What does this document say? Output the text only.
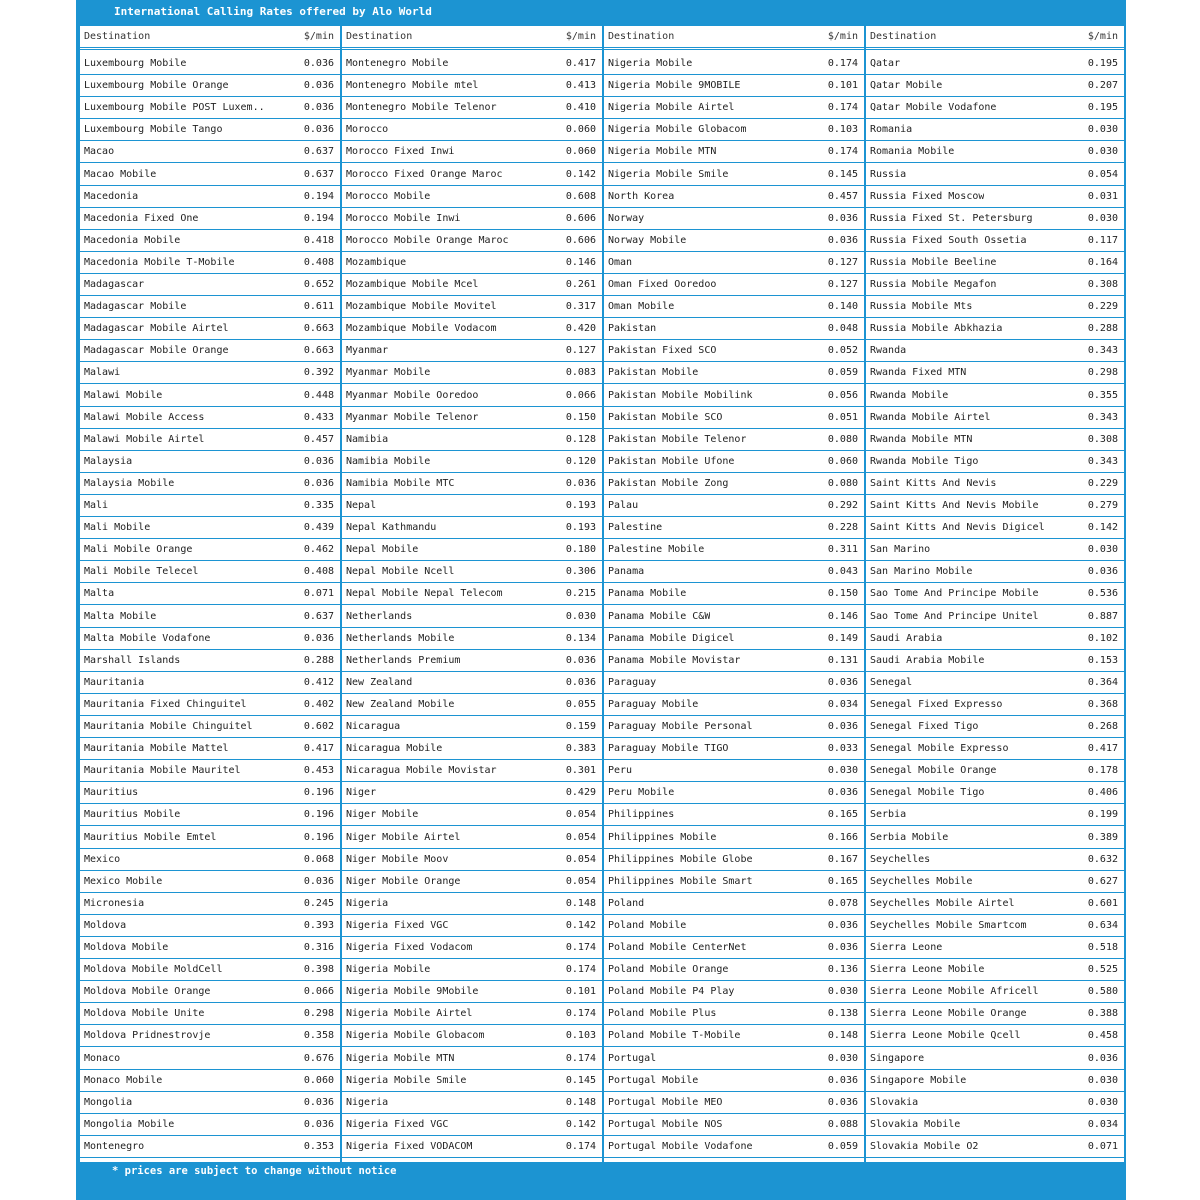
International Calling Rates offered by Alo World
Destination	$/min
Luxembourg Mobile	0.036
Luxembourg Mobile Orange	0.036
Luxembourg Mobile POST Luxem..	0.036
Luxembourg Mobile Tango	0.036
Macao	0.637
Macao Mobile	0.637
Macedonia	0.194
Macedonia Fixed One	0.194
Macedonia Mobile	0.418
Macedonia Mobile T-Mobile	0.408
Madagascar	0.652
Madagascar Mobile	0.611
Madagascar Mobile Airtel	0.663
Madagascar Mobile Orange	0.663
Malawi	0.392
Malawi Mobile	0.448
Malawi Mobile Access	0.433
Malawi Mobile Airtel	0.457
Malaysia	0.036
Malaysia Mobile	0.036
Mali	0.335
Mali Mobile	0.439
Mali Mobile Orange	0.462
Mali Mobile Telecel	0.408
Malta	0.071
Malta Mobile	0.637
Malta Mobile Vodafone	0.036
Marshall Islands	0.288
Mauritania	0.412
Mauritania Fixed Chinguitel	0.402
Mauritania Mobile Chinguitel	0.602
Mauritania Mobile Mattel	0.417
Mauritania Mobile Mauritel	0.453
Mauritius	0.196
Mauritius Mobile	0.196
Mauritius Mobile Emtel	0.196
Mexico	0.068
Mexico Mobile	0.036
Micronesia	0.245
Moldova	0.393
Moldova Mobile	0.316
Moldova Mobile MoldCell	0.398
Moldova Mobile Orange	0.066
Moldova Mobile Unite	0.298
Moldova Pridnestrovje	0.358
Monaco	0.676
Monaco Mobile	0.060
Mongolia	0.036
Mongolia Mobile	0.036
Montenegro	0.353
Destination	$/min
Montenegro Mobile	0.417
Montenegro Mobile mtel	0.413
Montenegro Mobile Telenor	0.410
Morocco	0.060
Morocco Fixed Inwi	0.060
Morocco Fixed Orange Maroc	0.142
Morocco Mobile	0.608
Morocco Mobile Inwi	0.606
Morocco Mobile Orange Maroc	0.606
Mozambique	0.146
Mozambique Mobile Mcel	0.261
Mozambique Mobile Movitel	0.317
Mozambique Mobile Vodacom	0.420
Myanmar	0.127
Myanmar Mobile	0.083
Myanmar Mobile Ooredoo	0.066
Myanmar Mobile Telenor	0.150
Namibia	0.128
Namibia Mobile	0.120
Namibia Mobile MTC	0.036
Nepal	0.193
Nepal Kathmandu	0.193
Nepal Mobile	0.180
Nepal Mobile Ncell	0.306
Nepal Mobile Nepal Telecom	0.215
Netherlands	0.030
Netherlands Mobile	0.134
Netherlands Premium	0.036
New Zealand	0.036
New Zealand Mobile	0.055
Nicaragua	0.159
Nicaragua Mobile	0.383
Nicaragua Mobile Movistar	0.301
Niger	0.429
Niger Mobile	0.054
Niger Mobile Airtel	0.054
Niger Mobile Moov	0.054
Niger Mobile Orange	0.054
Nigeria	0.148
Nigeria Fixed VGC	0.142
Nigeria Fixed Vodacom	0.174
Nigeria Mobile	0.174
Nigeria Mobile 9Mobile	0.101
Nigeria Mobile Airtel	0.174
Nigeria Mobile Globacom	0.103
Nigeria Mobile MTN	0.174
Nigeria Mobile Smile	0.145
Nigeria	0.148
Nigeria Fixed VGC	0.142
Nigeria Fixed VODACOM	0.174
Destination	$/min
Nigeria Mobile	0.174
Nigeria Mobile 9MOBILE	0.101
Nigeria Mobile Airtel	0.174
Nigeria Mobile Globacom	0.103
Nigeria Mobile MTN	0.174
Nigeria Mobile Smile	0.145
North Korea	0.457
Norway	0.036
Norway Mobile	0.036
Oman	0.127
Oman Fixed Ooredoo	0.127
Oman Mobile	0.140
Pakistan	0.048
Pakistan Fixed SCO	0.052
Pakistan Mobile	0.059
Pakistan Mobile Mobilink	0.056
Pakistan Mobile SCO	0.051
Pakistan Mobile Telenor	0.080
Pakistan Mobile Ufone	0.060
Pakistan Mobile Zong	0.080
Palau	0.292
Palestine	0.228
Palestine Mobile	0.311
Panama	0.043
Panama Mobile	0.150
Panama Mobile C&W	0.146
Panama Mobile Digicel	0.149
Panama Mobile Movistar	0.131
Paraguay	0.036
Paraguay Mobile	0.034
Paraguay Mobile Personal	0.036
Paraguay Mobile TIGO	0.033
Peru	0.030
Peru Mobile	0.036
Philippines	0.165
Philippines Mobile	0.166
Philippines Mobile Globe	0.167
Philippines Mobile Smart	0.165
Poland	0.078
Poland Mobile	0.036
Poland Mobile CenterNet	0.036
Poland Mobile Orange	0.136
Poland Mobile P4 Play	0.030
Poland Mobile Plus	0.138
Poland Mobile T-Mobile	0.148
Portugal	0.030
Portugal Mobile	0.036
Portugal Mobile MEO	0.036
Portugal Mobile NOS	0.088
Portugal Mobile Vodafone	0.059
Destination	$/min
Qatar	0.195
Qatar Mobile	0.207
Qatar Mobile Vodafone	0.195
Romania	0.030
Romania Mobile	0.030
Russia	0.054
Russia Fixed Moscow	0.031
Russia Fixed St. Petersburg	0.030
Russia Fixed South Ossetia	0.117
Russia Mobile Beeline	0.164
Russia Mobile Megafon	0.308
Russia Mobile Mts	0.229
Russia Mobile Abkhazia	0.288
Rwanda	0.343
Rwanda Fixed MTN	0.298
Rwanda Mobile	0.355
Rwanda Mobile Airtel	0.343
Rwanda Mobile MTN	0.308
Rwanda Mobile Tigo	0.343
Saint Kitts And Nevis	0.229
Saint Kitts And Nevis Mobile	0.279
Saint Kitts And Nevis Digicel	0.142
San Marino	0.030
San Marino Mobile	0.036
Sao Tome And Principe Mobile	0.536
Sao Tome And Principe Unitel	0.887
Saudi Arabia	0.102
Saudi Arabia Mobile	0.153
Senegal	0.364
Senegal Fixed Expresso	0.368
Senegal Fixed Tigo	0.268
Senegal Mobile Expresso	0.417
Senegal Mobile Orange	0.178
Senegal Mobile Tigo	0.406
Serbia	0.199
Serbia Mobile	0.389
Seychelles	0.632
Seychelles Mobile	0.627
Seychelles Mobile Airtel	0.601
Seychelles Mobile Smartcom	0.634
Sierra Leone	0.518
Sierra Leone Mobile	0.525
Sierra Leone Mobile Africell	0.580
Sierra Leone Mobile Orange	0.388
Sierra Leone Mobile Qcell	0.458
Singapore	0.036
Singapore Mobile	0.030
Slovakia	0.030
Slovakia Mobile	0.034
Slovakia Mobile O2	0.071
* prices are subject to change without notice
